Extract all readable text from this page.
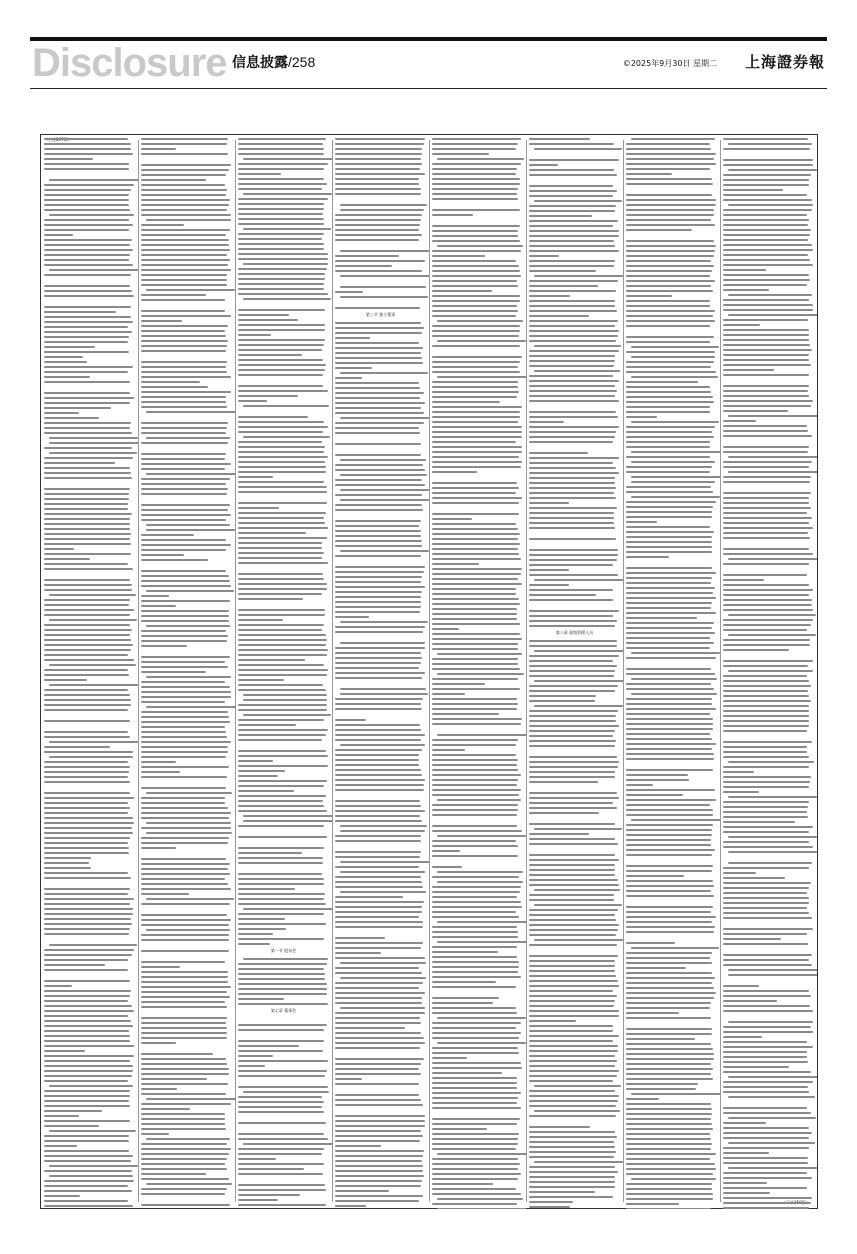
Disclosure 信息披露/258	©2025年9月30日 星期二 上海證券報
第一节 股东会
第七章 董事会
第三节 独立董事
第八章 高级管理人员
